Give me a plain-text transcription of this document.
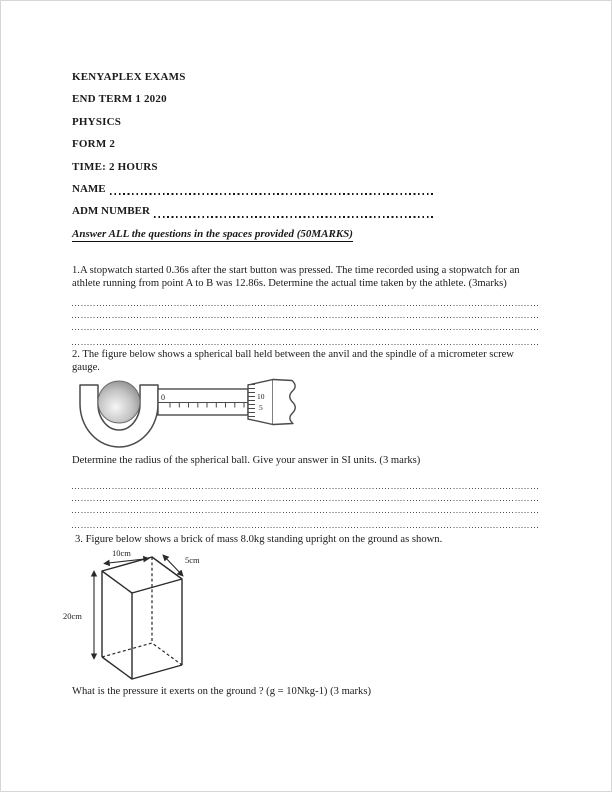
KENYAPLEX EXAMS

END TERM 1 2020

PHYSICS

FORM 2

TIME: 2 HOURS

NAME
ADM NUMBER

Answer ALL the questions in the spaces provided (50MARKS)

1.A stopwatch started 0.36s after the start button was pressed. The time recorded using a stopwatch for an athlete running from point A to B was 12.86s. Determine the actual time taken by the athlete. (3marks)

2. The figure below shows a spherical ball held between the anvil and the spindle of a micrometer screw gauge.

0	10
5

Determine the radius of the spherical ball. Give your answer in SI units. (3 marks)

3. Figure below shows a brick of mass 8.0kg standing upright on the ground as shown.

10cm
5cm
20cm

What is the pressure it exerts on the ground ? (g = 10Nkg-1) (3 marks)
